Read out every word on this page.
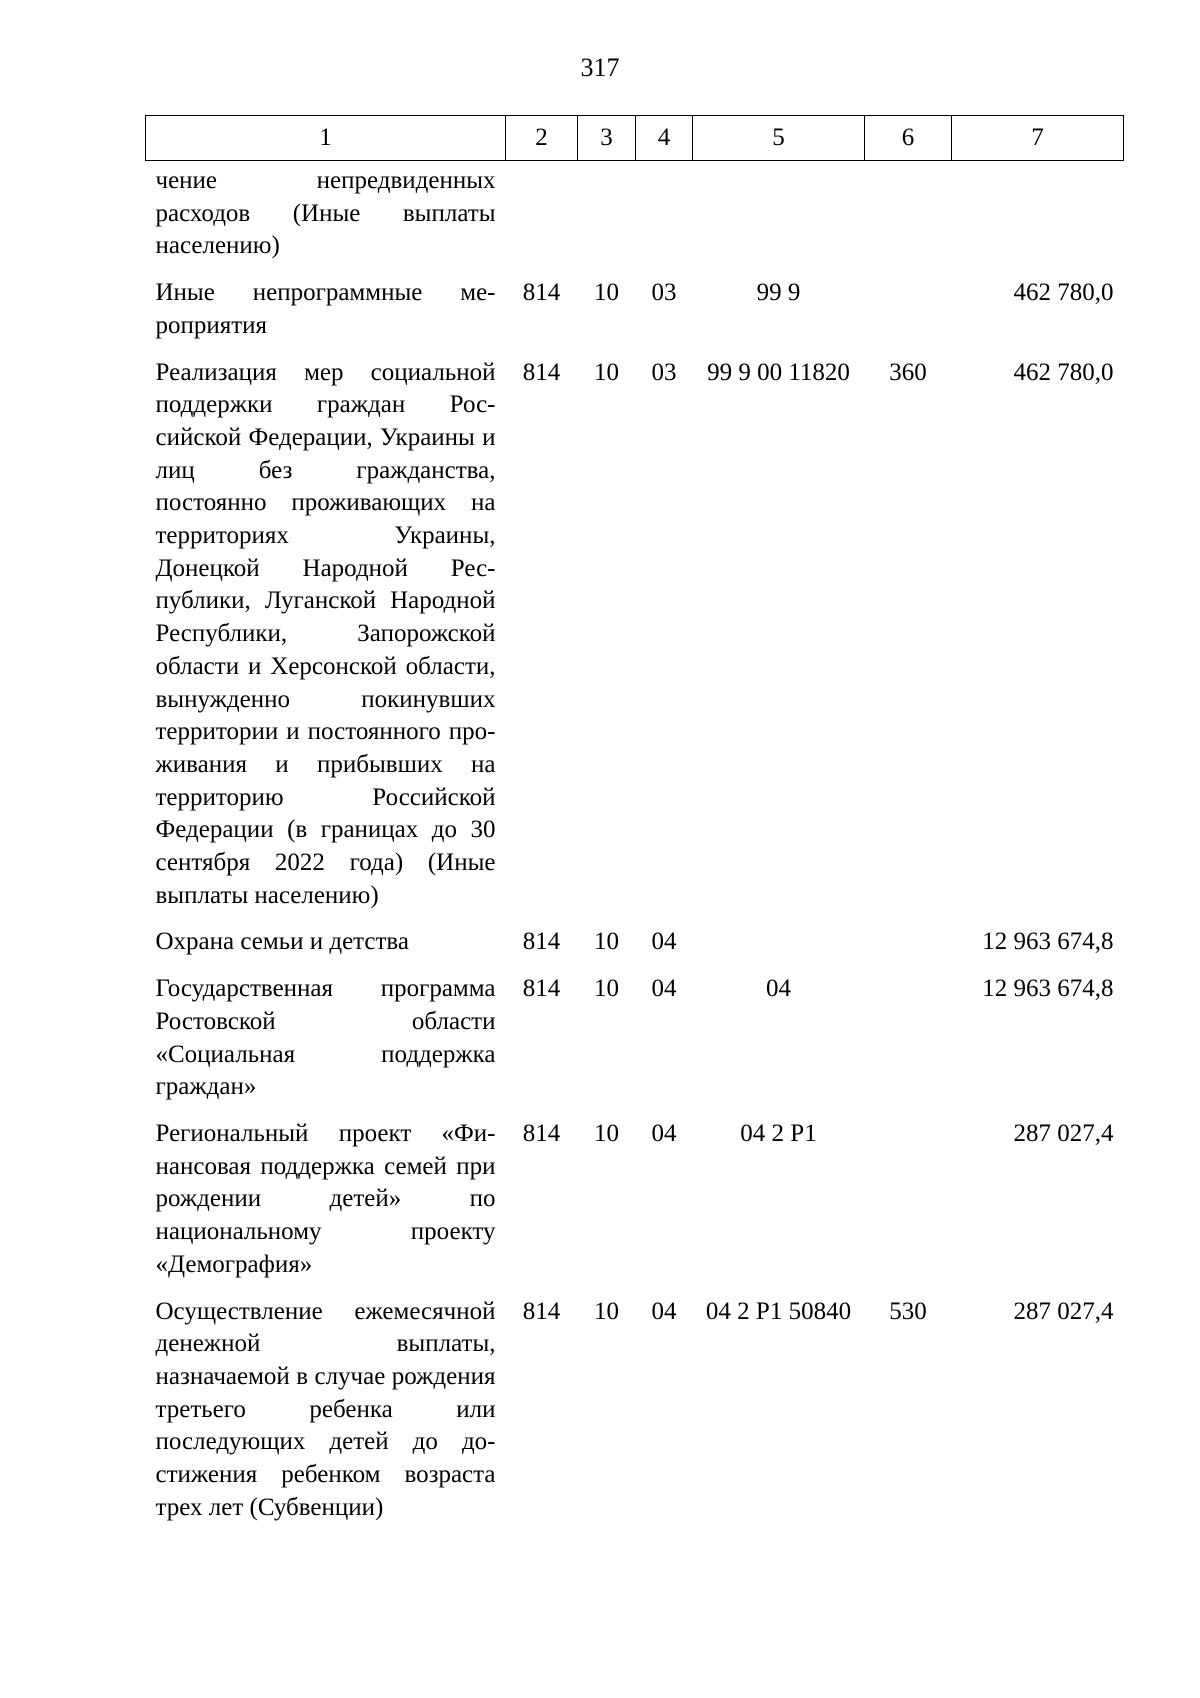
317
1	2	3	4	5	6	7
чение непредвиденных расходов (Иные выплаты населению)						
Иные непрограммные мероприятия	814	10	03	99 9		462 780,0
Реализация мер социальной поддержки граждан Российской Федерации, Украины и лиц без гражданства, постоянно проживающих на территориях Украины, Донецкой Народной Республики, Луганской Народной Республики, Запорожской области и Херсонской области, вынужденно покинувших территории и постоянного проживания и прибывших на территорию Российской Федерации (в границах до 30 сентября 2022 года) (Иные выплаты населению)	814	10	03	99 9 00 11820	360	462 780,0
Охрана семьи и детства	814	10	04			12 963 674,8
Государственная программа Ростовской области «Социальная поддержка граждан»	814	10	04	04		12 963 674,8
Региональный проект «Финансовая поддержка семей при рождении детей» по национальному проекту «Демография»	814	10	04	04 2 Р1		287 027,4
Осуществление ежемесячной денежной выплаты, назначаемой в случае рождения третьего ребенка или последующих детей до достижения ребенком возраста трех лет (Субвенции)	814	10	04	04 2 Р1 50840	530	287 027,4
